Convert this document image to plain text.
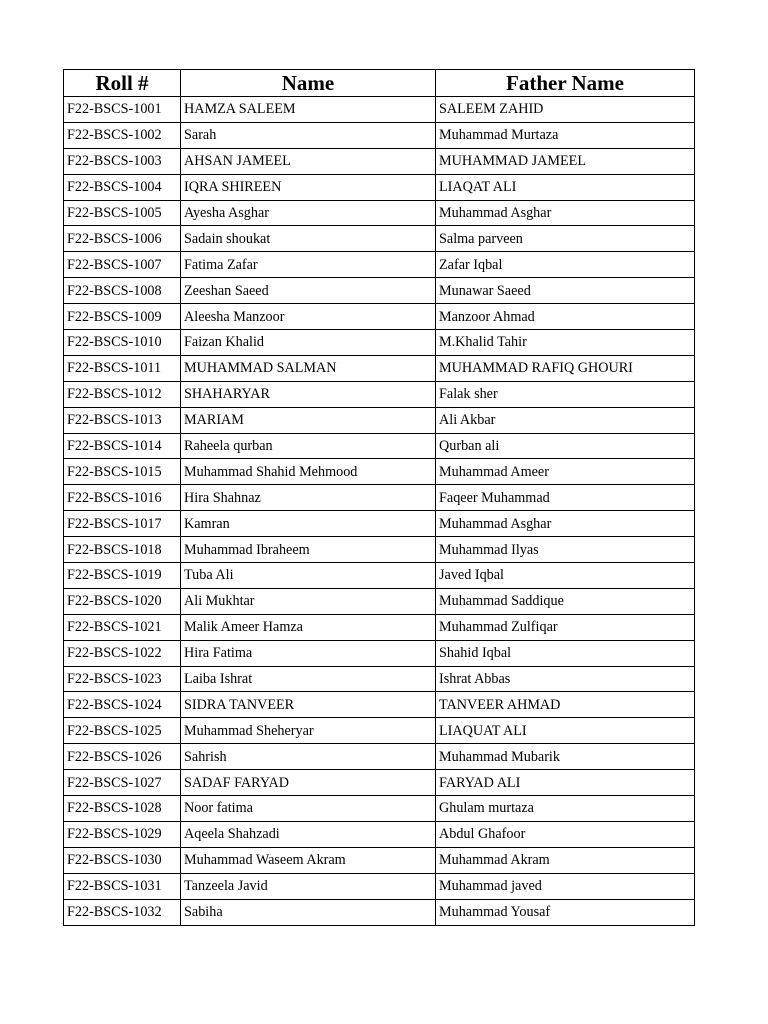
Roll #	Name	Father Name
F22-BSCS-1001	HAMZA SALEEM	SALEEM ZAHID
F22-BSCS-1002	Sarah	Muhammad Murtaza
F22-BSCS-1003	AHSAN JAMEEL	MUHAMMAD JAMEEL
F22-BSCS-1004	IQRA SHIREEN	LIAQAT ALI
F22-BSCS-1005	Ayesha Asghar	Muhammad Asghar
F22-BSCS-1006	Sadain shoukat	Salma parveen
F22-BSCS-1007	Fatima Zafar	Zafar Iqbal
F22-BSCS-1008	Zeeshan Saeed	Munawar Saeed
F22-BSCS-1009	Aleesha Manzoor	Manzoor Ahmad
F22-BSCS-1010	Faizan Khalid	M.Khalid Tahir
F22-BSCS-1011	MUHAMMAD SALMAN	MUHAMMAD RAFIQ GHOURI
F22-BSCS-1012	SHAHARYAR	Falak sher
F22-BSCS-1013	MARIAM	Ali Akbar
F22-BSCS-1014	Raheela qurban	Qurban ali
F22-BSCS-1015	Muhammad Shahid Mehmood	Muhammad Ameer
F22-BSCS-1016	Hira Shahnaz	Faqeer Muhammad
F22-BSCS-1017	Kamran	Muhammad Asghar
F22-BSCS-1018	Muhammad Ibraheem	Muhammad Ilyas
F22-BSCS-1019	Tuba Ali	Javed Iqbal
F22-BSCS-1020	Ali Mukhtar	Muhammad Saddique
F22-BSCS-1021	Malik Ameer Hamza	Muhammad Zulfiqar
F22-BSCS-1022	Hira Fatima	Shahid Iqbal
F22-BSCS-1023	Laiba Ishrat	Ishrat Abbas
F22-BSCS-1024	SIDRA TANVEER	TANVEER AHMAD
F22-BSCS-1025	Muhammad Sheheryar	LIAQUAT ALI
F22-BSCS-1026	Sahrish	Muhammad Mubarik
F22-BSCS-1027	SADAF FARYAD	FARYAD ALI
F22-BSCS-1028	Noor fatima	Ghulam murtaza
F22-BSCS-1029	Aqeela Shahzadi	Abdul Ghafoor
F22-BSCS-1030	Muhammad Waseem Akram	Muhammad Akram
F22-BSCS-1031	Tanzeela Javid	Muhammad javed
F22-BSCS-1032	Sabiha	Muhammad Yousaf
